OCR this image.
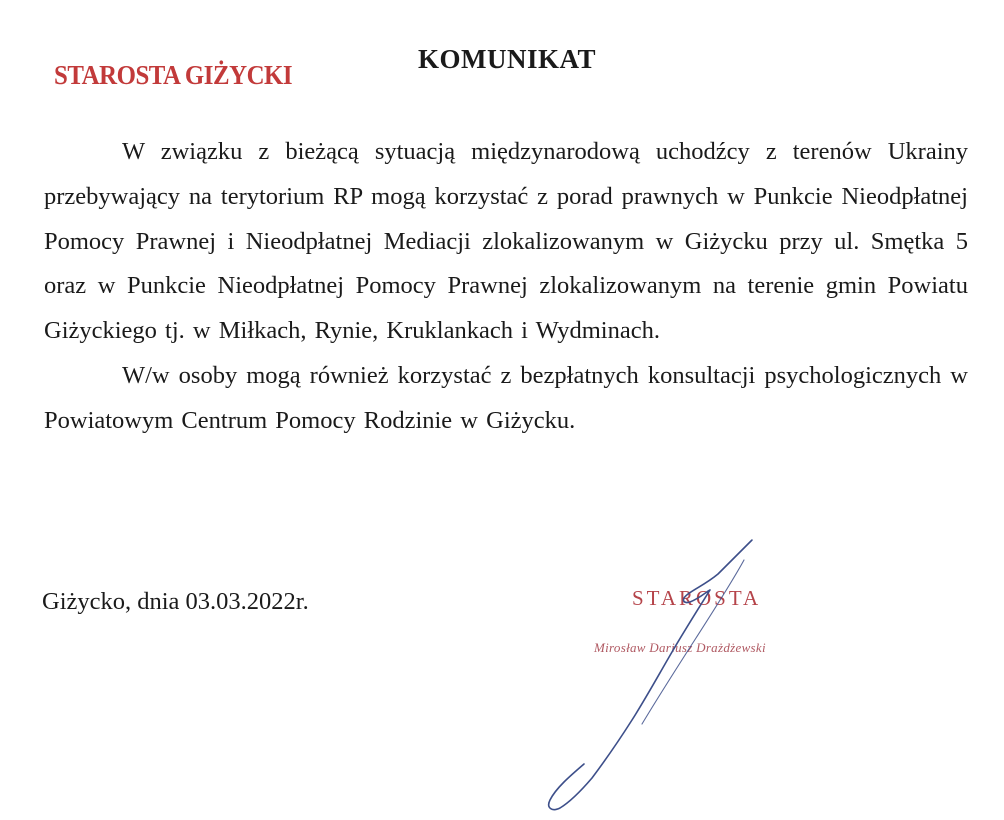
STAROSTA GIŻYCKI
KOMUNIKAT

W związku z bieżącą sytuacją międzynarodową uchodźcy z terenów Ukrainy przebywający na terytorium RP mogą korzystać z porad prawnych w Punkcie Nieodpłatnej Pomocy Prawnej i Nieodpłatnej Mediacji zlokalizowanym w Giżycku przy ul. Smętka 5 oraz w Punkcie Nieodpłatnej Pomocy Prawnej zlokalizowanym na terenie gmin Powiatu Giżyckiego tj. w Miłkach, Rynie, Kruklankach i Wydminach.

W/w osoby mogą również korzystać z bezpłatnych konsultacji psychologicznych w Powiatowym Centrum Pomocy Rodzinie w Giżycku.

Giżycko, dnia 03.03.2022r.	STAROSTA
Mirosław Dariusz Drażdżewski
